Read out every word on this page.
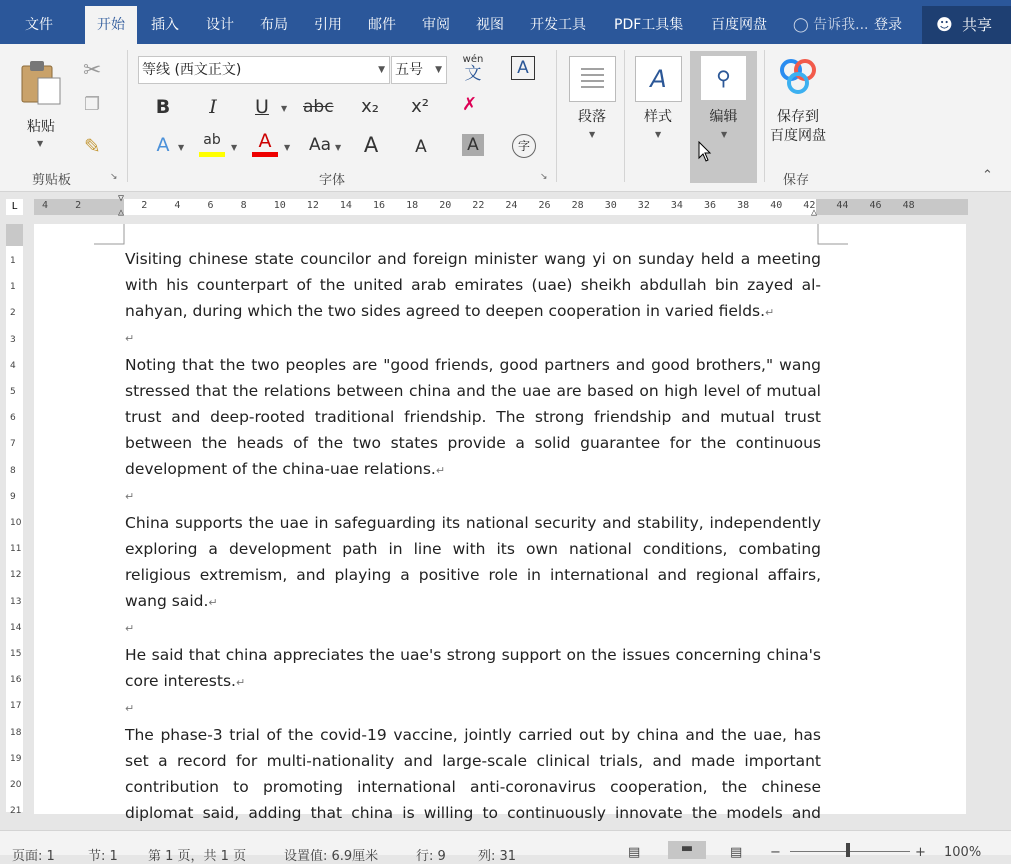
文件	开始	插入 设计 布局 引用 邮件 审阅 视图 开发工具 PDF工具集 百度网盘 ◯ 告诉我... 登录 ☻ 共享
粘贴
▼
✂
❐
✎
剪贴板	↘
等线 (西文正文)	▼ 五号 ▼
wén
文	A
B	I	U	▼ abc x₂ x² ✗
A	▼	ab	▼	A	▼ Aa ▼ A	A	A	字
字体	↘
段落
▼
A
样式
▼
⚲
编辑
▼
保存到
百度网盘
保存	⌃
L	4	2	2	4	6	8	10 12 14 16 18 20 22 24 26 28 30 32 34 36 38 40 42 44 46 48
▽
△	△
1
1
2
3
4
5
6
7
8
9
10
11
12
13
14
15
16
17
18
19
20
21

Visiting chinese state councilor and foreign minister wang yi on sunday held a meeting with his counterpart of the united arab emirates (uae) sheikh abdullah bin zayed al-nahyan, during which the two sides agreed to deepen cooperation in varied fields.↵

↵

Noting that the two peoples are "good friends, good partners and good brothers," wang stressed that the relations between china and the uae are based on high level of mutual trust and deep-rooted traditional friendship. The strong friendship and mutual trust between the heads of the two states provide a solid guarantee for the continuous development of the china-uae relations.↵

↵

China supports the uae in safeguarding its national security and stability, independently exploring a development path in line with its own national conditions, combating religious extremism, and playing a positive role in international and regional affairs, wang said.↵

↵

He said that china appreciates the uae's strong support on the issues concerning china's core interests.↵

↵

The phase-3 trial of the covid-19 vaccine, jointly carried out by china and the uae, has set a record for multi-nationality and large-scale clinical trials, and made important contribution to promoting international anti-coronavirus cooperation, the chinese diplomat said, adding that china is willing to continuously innovate the models and

页面: 1	节: 1 第 1 页，共 1 页	设置值: 6.9厘米	行: 9 列: 31	▤	▬	▤ −	+ 100%
